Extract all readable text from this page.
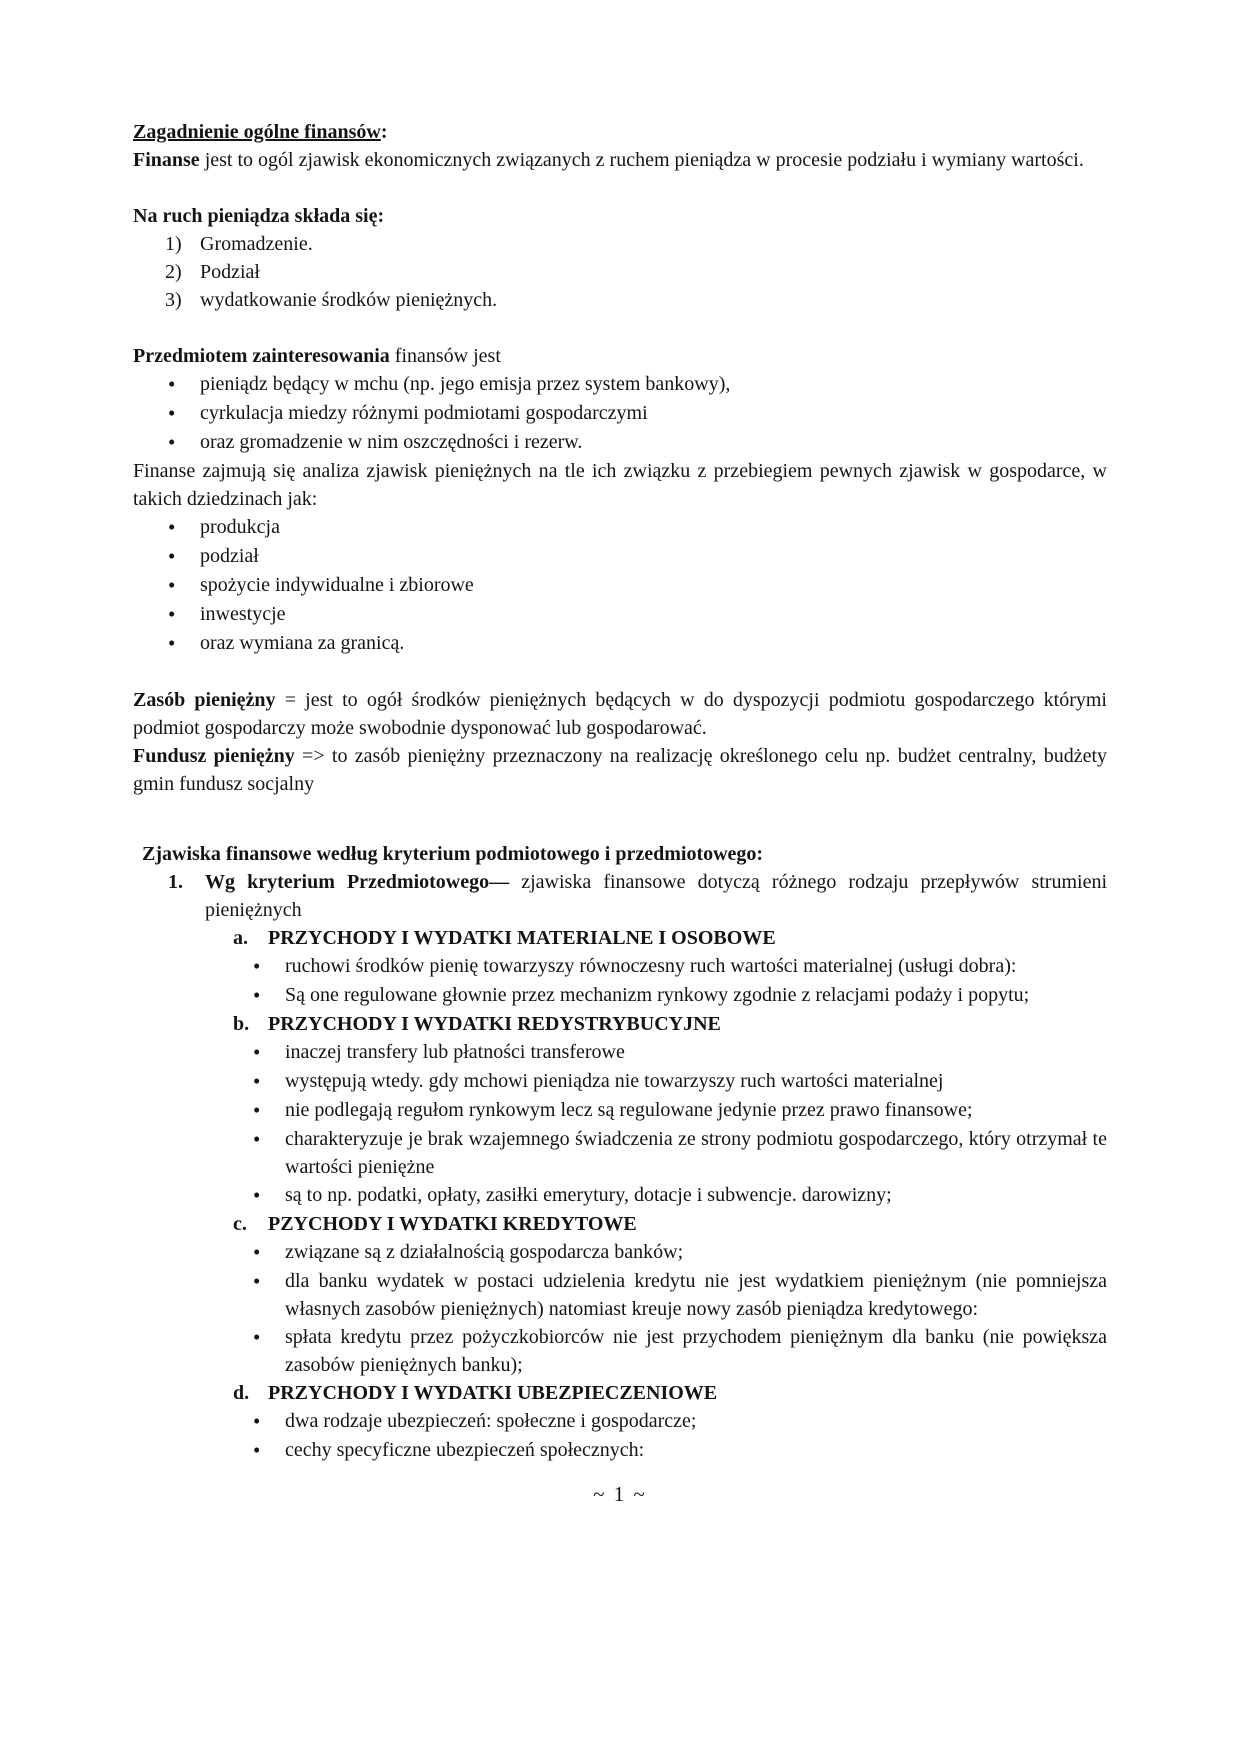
Zagadnienie ogólne finansów:
Finanse jest to ogól zjawisk ekonomicznych związanych z ruchem pieniądza w procesie podziału i wymiany wartości.
Na ruch pieniądza składa się:
1) Gromadzenie.
2) Podział
3) wydatkowanie środków pieniężnych.
Przedmiotem zainteresowania finansów jest
•
pieniądz będący w mchu (np. jego emisja przez system bankowy),
•
cyrkulacja miedzy różnymi podmiotami gospodarczymi
•
oraz gromadzenie w nim oszczędności i rezerw.
Finanse zajmują się analiza zjawisk pieniężnych na tle ich związku z przebiegiem pewnych zjawisk w gospodarce, w takich dziedzinach jak:
•
produkcja
•
podział
•
spożycie indywidualne i zbiorowe
•
inwestycje
•
oraz wymiana za granicą.
Zasób pieniężny = jest to ogół środków pieniężnych będących w do dyspozycji podmiotu gospodarczego którymi podmiot gospodarczy może swobodnie dysponować lub gospodarować.
Fundusz pieniężny => to zasób pieniężny przeznaczony na realizację określonego celu np. budżet centralny, budżety gmin fundusz socjalny
Zjawiska finansowe według kryterium podmiotowego i przedmiotowego:
1.	Wg kryterium Przedmiotowego— zjawiska finansowe dotyczą różnego rodzaju przepływów strumieni pieniężnych
a.	PRZYCHODY I WYDATKI MATERIALNE I OSOBOWE
•
ruchowi środków pienię towarzyszy równoczesny ruch wartości materialnej (usługi dobra):
•
Są one regulowane głownie przez mechanizm rynkowy zgodnie z relacjami podaży i popytu;
b. PRZYCHODY I WYDATKI REDYSTRYBUCYJNE
•
inaczej transfery lub płatności transferowe
•
występują wtedy. gdy mchowi pieniądza nie towarzyszy ruch wartości materialnej
•
nie podlegają regułom rynkowym lecz są regulowane jedynie przez prawo finansowe;
•
charakteryzuje je brak wzajemnego świadczenia ze strony podmiotu gospodarczego, który otrzymał te wartości pieniężne
•
są to np. podatki, opłaty, zasiłki emerytury, dotacje i subwencje. darowizny;
c.	PZYCHODY I WYDATKI KREDYTOWE
•
związane są z działalnością gospodarcza banków;
•
dla banku wydatek w postaci udzielenia kredytu nie jest wydatkiem pieniężnym (nie pomniejsza własnych zasobów pieniężnych) natomiast kreuje nowy zasób pieniądza kredytowego:
•
spłata kredytu przez pożyczkobiorców nie jest przychodem pieniężnym dla banku (nie powiększa zasobów pieniężnych banku);
d. PRZYCHODY I WYDATKI UBEZPIECZENIOWE
•
dwa rodzaje ubezpieczeń: społeczne i gospodarcze;
•
cechy specyficzne ubezpieczeń społecznych:
~ 1 ~
